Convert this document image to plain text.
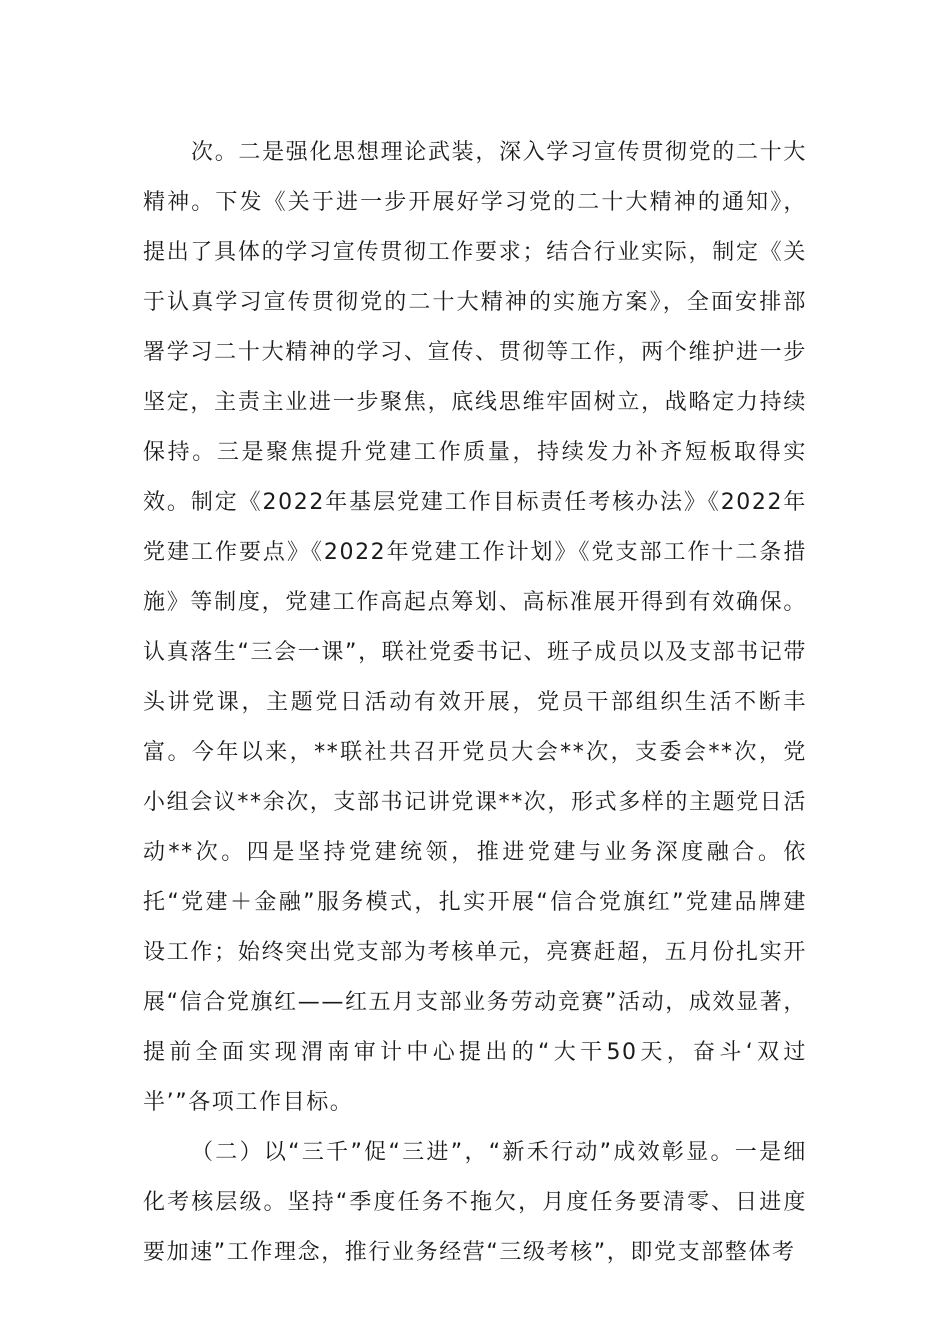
次。二是强化思想理论武装，深入学习宣传贯彻党的二十大精神。下发《关于进一步开展好学习党的二十大精神的通知》，提出了具体的学习宣传贯彻工作要求；结合行业实际，制定《关于认真学习宣传贯彻党的二十大精神的实施方案》，全面安排部署学习二十大精神的学习、宣传、贯彻等工作，两个维护进一步坚定，主责主业进一步聚焦，底线思维牢固树立，战略定力持续保持。三是聚焦提升党建工作质量，持续发力补齐短板取得实效。制定《2022年基层党建工作目标责任考核办法》《2022年党建工作要点》《2022年党建工作计划》《党支部工作十二条措施》等制度，党建工作高起点筹划、高标准展开得到有效确保。认真落生“三会一课”，联社党委书记、班子成员以及支部书记带头讲党课，主题党日活动有效开展，党员干部组织生活不断丰富。今年以来，**联社共召开党员大会**次，支委会**次，党小组会议**余次，支部书记讲党课**次，形式多样的主题党日活动**次。四是坚持党建统领，推进党建与业务深度融合。依托“党建＋金融”服务模式，扎实开展“信合党旗红”党建品牌建设工作；始终突出党支部为考核单元，亮赛赶超，五月份扎实开展“信合党旗红——红五月支部业务劳动竞赛”活动，成效显著，提前全面实现渭南审计中心提出的“大干50天，奋斗‘双过半’”各项工作目标。

（二）以“三千”促“三进”，“新禾行动”成效彰显。一是细化考核层级。坚持“季度任务不拖欠，月度任务要清零、日进度要加速”工作理念，推行业务经营“三级考核”，即党支部整体考
